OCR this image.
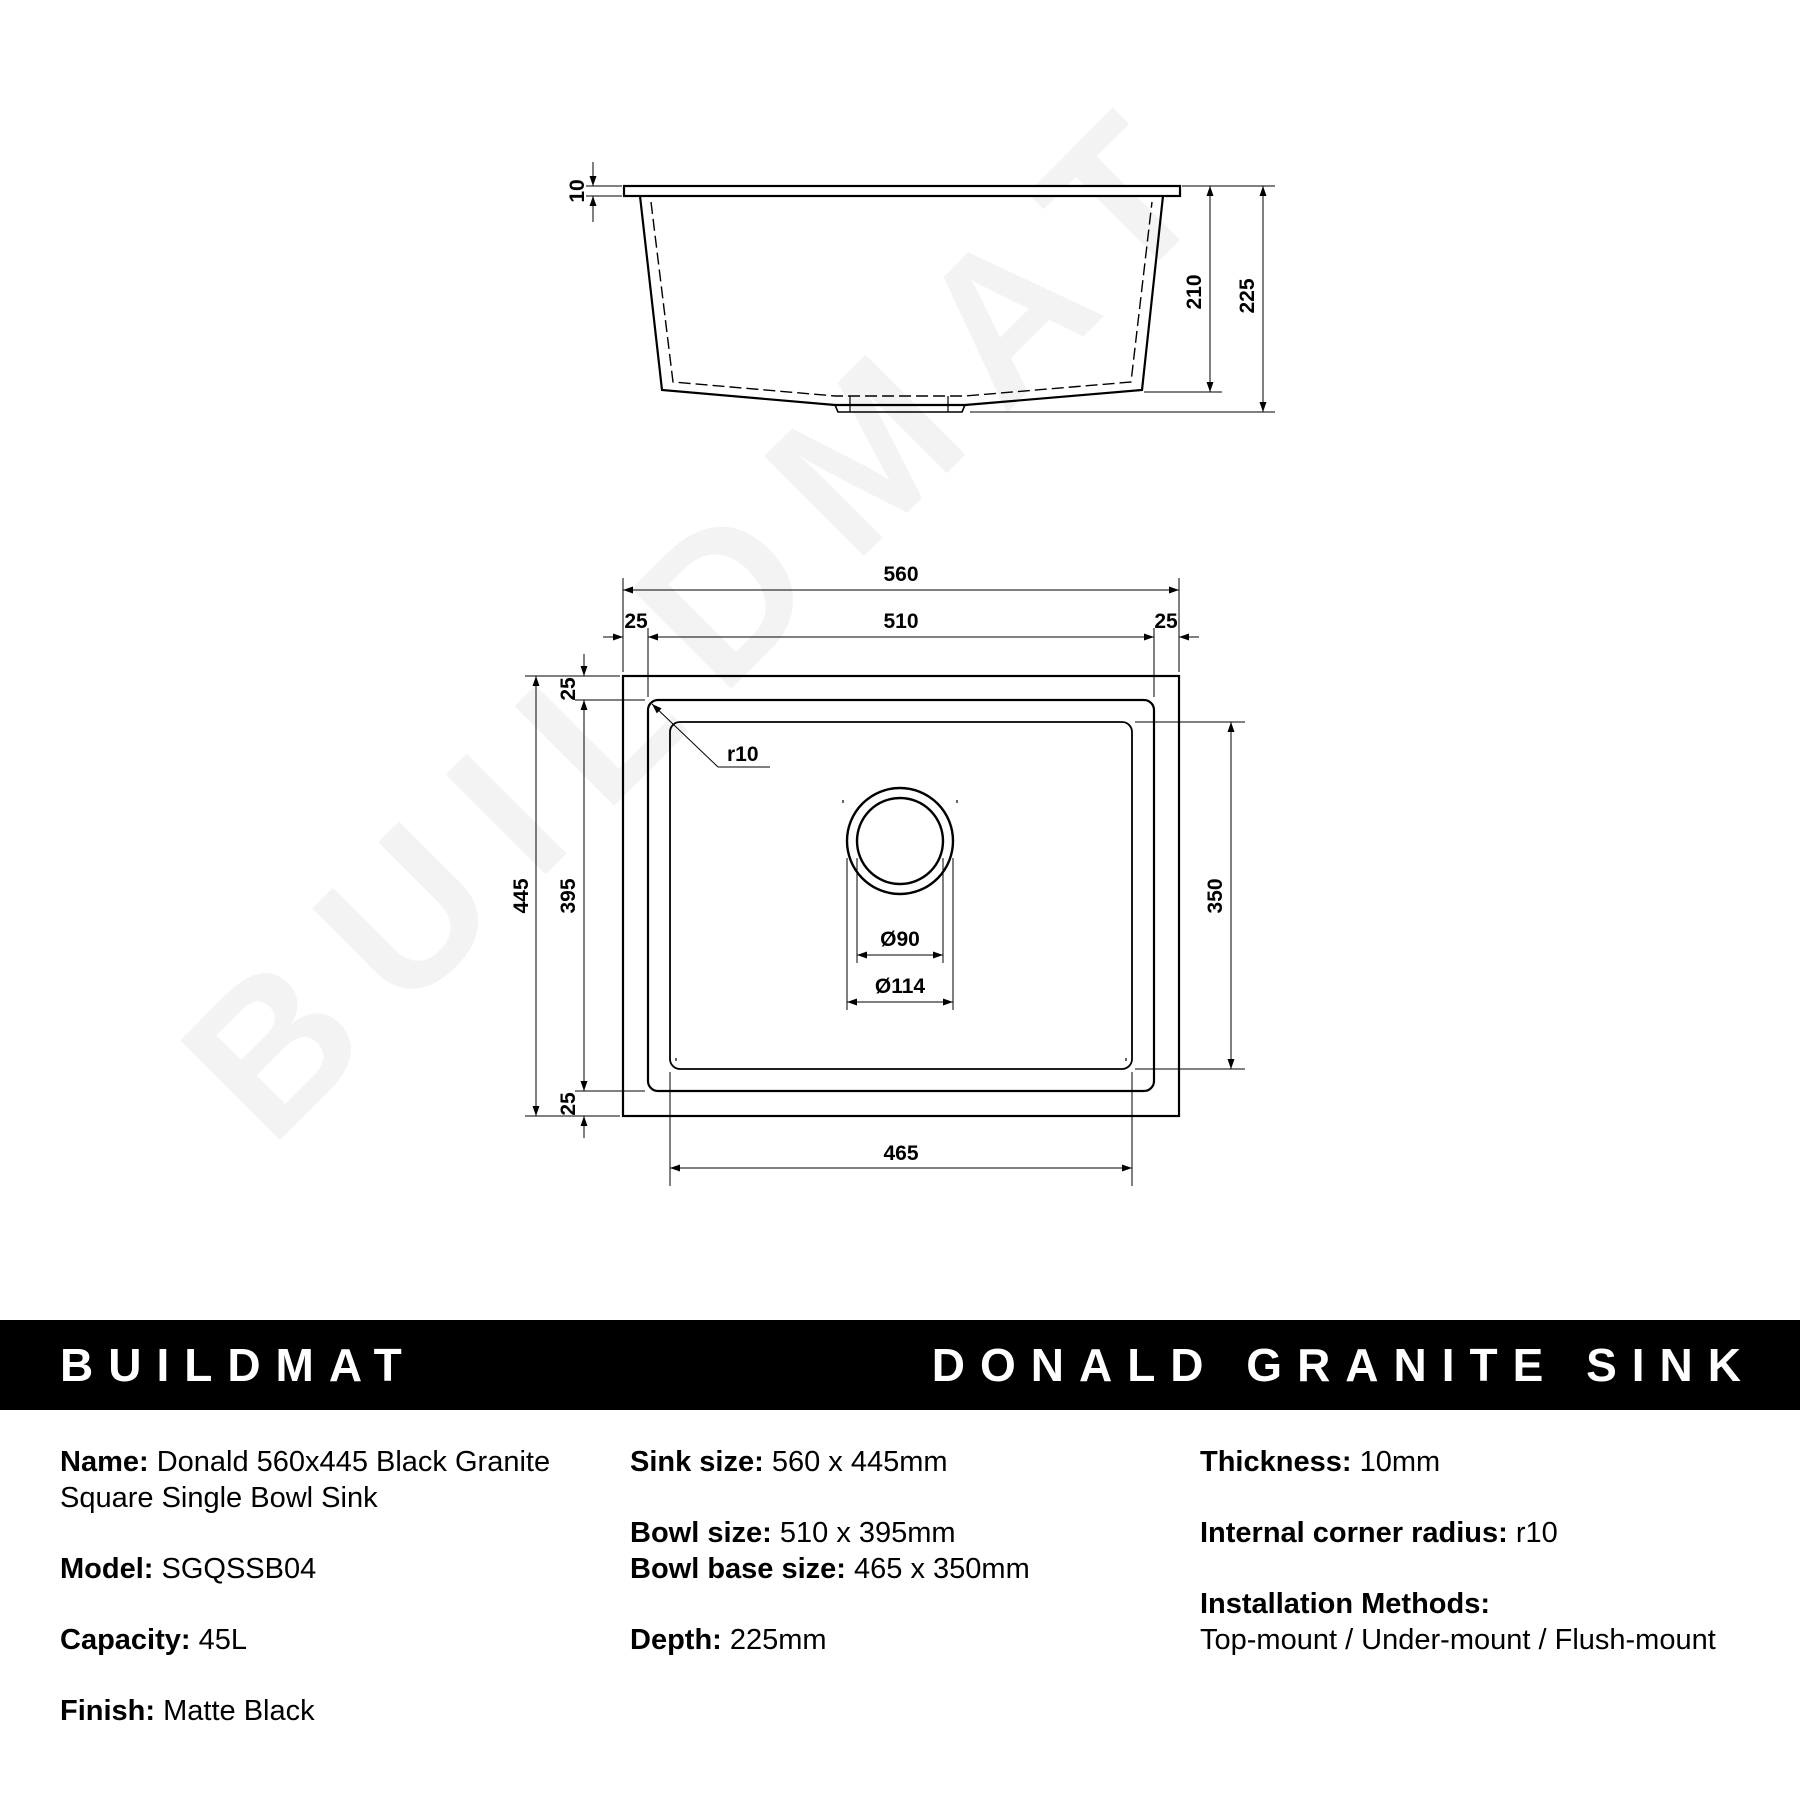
10
210 225
560
25	510	25
25
445 395
25
350
465
r10
Ø90
Ø114
BUILDMAT	DONALD GRANITE SINK

Name: Donald 560x445 Black Granite
Square Single Bowl Sink

Model: SGQSSB04

Capacity: 45L

Finish: Matte Black

Sink size: 560 x 445mm

Bowl size: 510 x 395mm

Bowl base size: 465 x 350mm

Depth: 225mm

Thickness: 10mm

Internal corner radius: r10

Installation Methods:
Top-mount / Under-mount / Flush-mount
